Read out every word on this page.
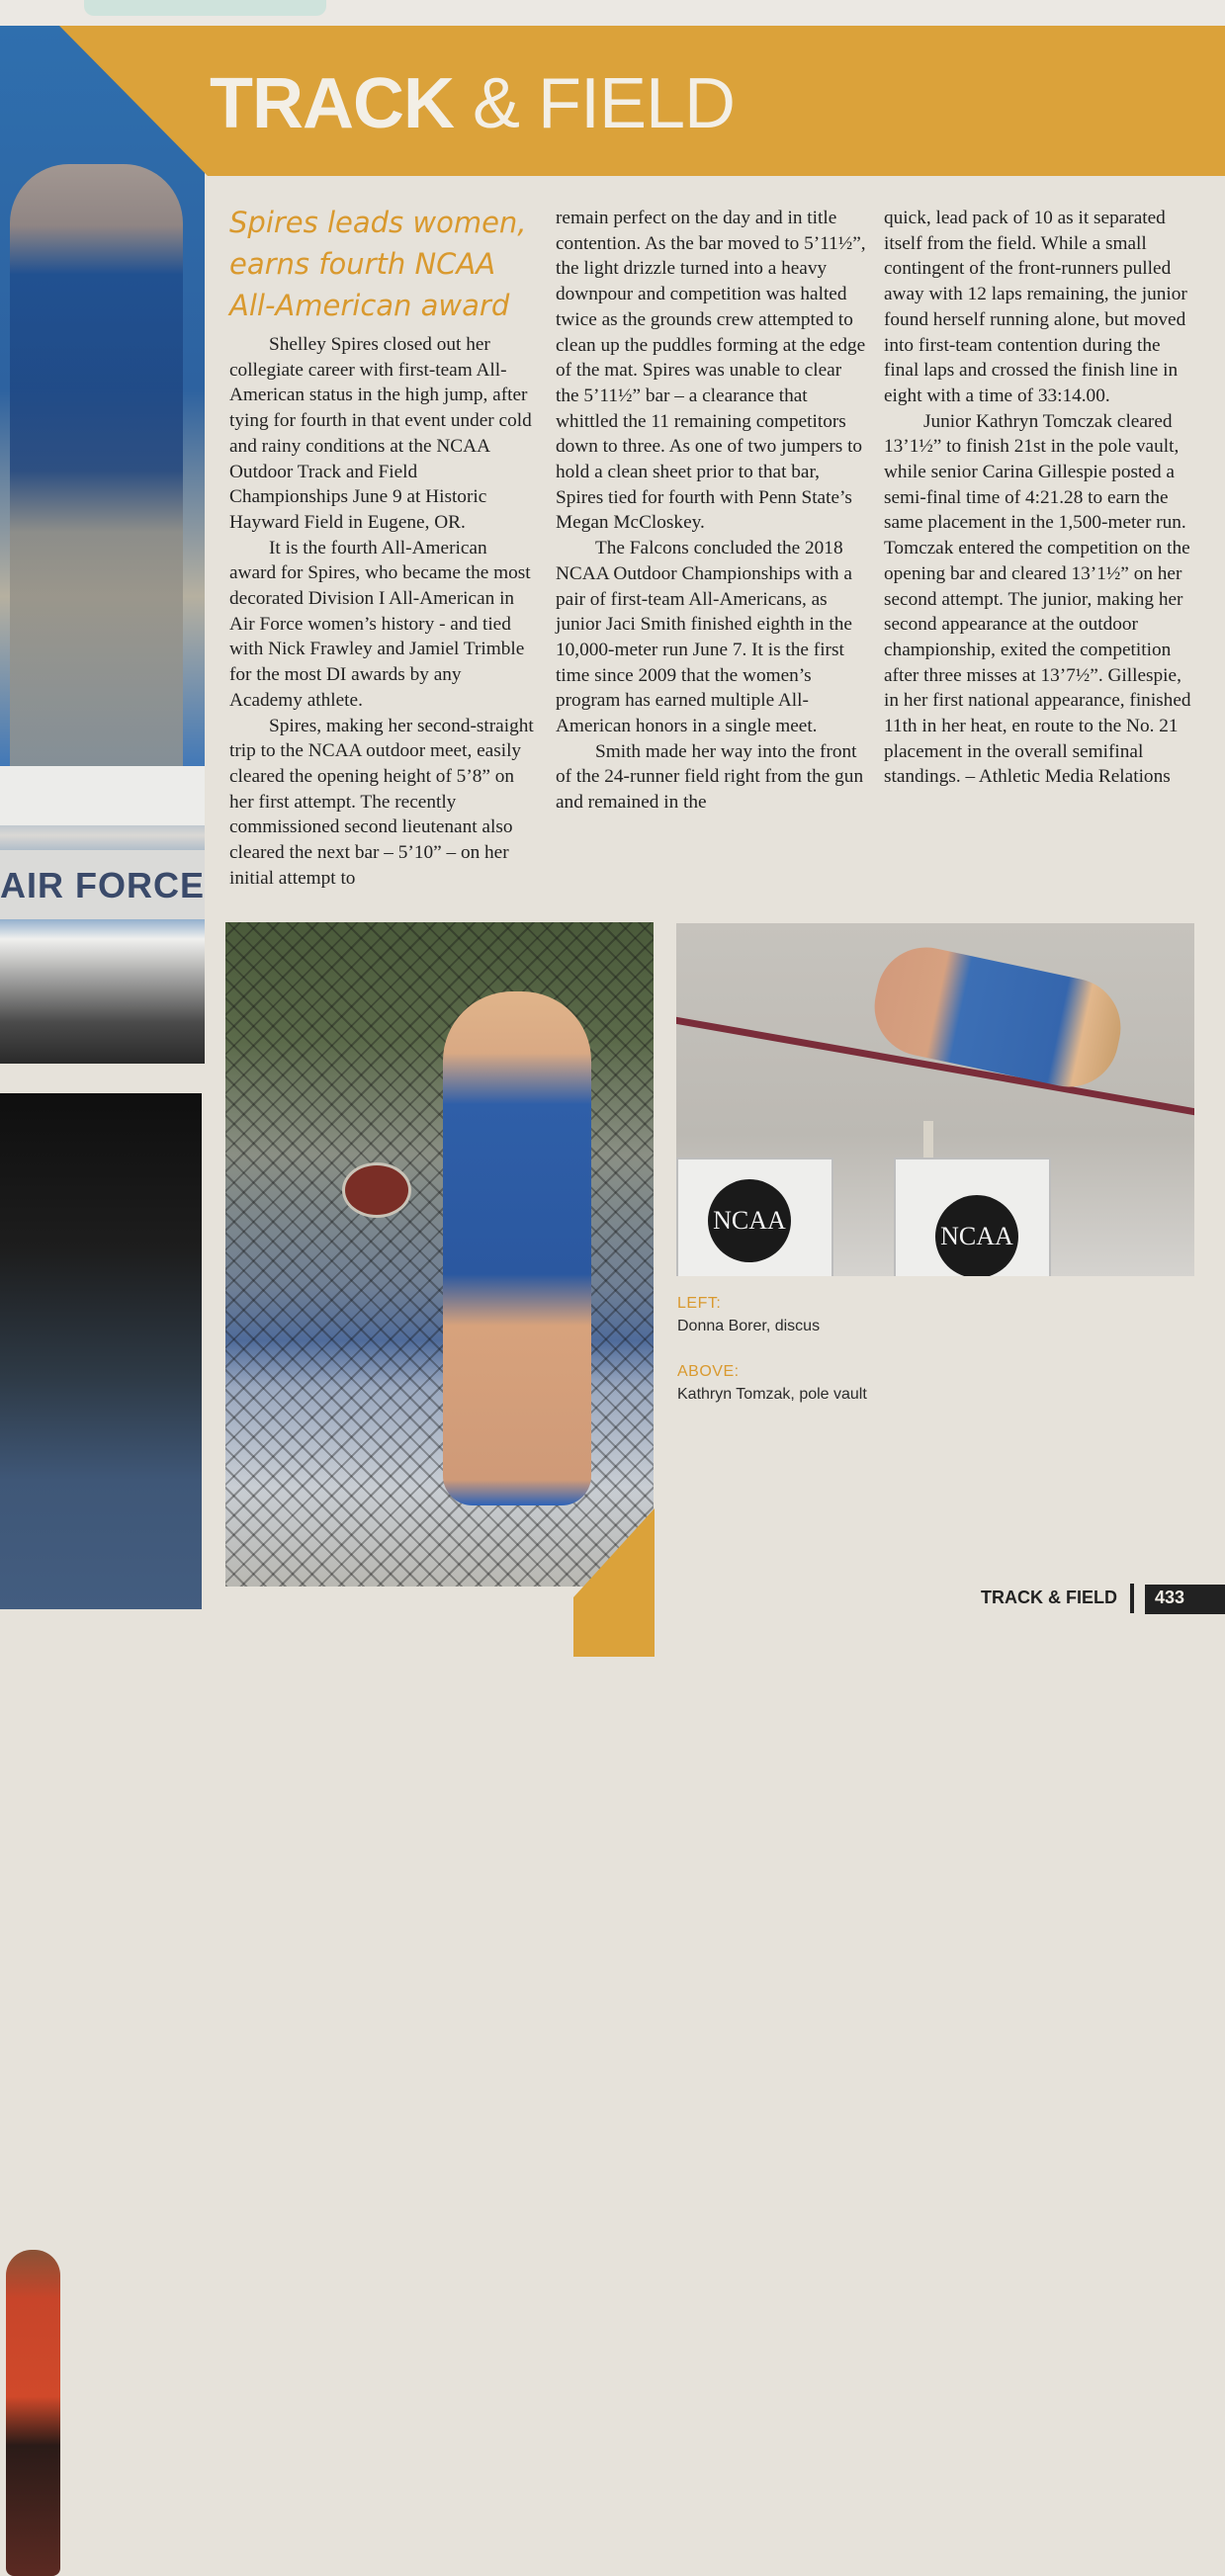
AIR FORCE
TRACK & FIELD
Spires leads women, earns fourth NCAA All-American award

Shelley Spires closed out her collegiate career with first-team All-American status in the high jump, after tying for fourth in that event under cold and rainy conditions at the NCAA Outdoor Track and Field Championships June 9 at Historic Hayward Field in Eugene, OR.

It is the fourth All-American award for Spires, who became the most decorated Division I All-American in Air Force women’s history - and tied with Nick Frawley and Jamiel Trimble for the most DI awards by any Academy athlete.

Spires, making her second-straight trip to the NCAA outdoor meet, easily cleared the opening height of 5’8” on her first attempt. The recently commissioned second lieutenant also cleared the next bar – 5’10” – on her initial attempt to

remain perfect on the day and in title contention. As the bar moved to 5’11½”, the light drizzle turned into a heavy downpour and competition was halted twice as the grounds crew attempted to clean up the puddles forming at the edge of the mat. Spires was unable to clear the 5’11½” bar – a clearance that whittled the 11 remaining competitors down to three. As one of two jumpers to hold a clean sheet prior to that bar, Spires tied for fourth with Penn State’s Megan McCloskey.

The Falcons concluded the 2018 NCAA Outdoor Championships with a pair of first-team All-Americans, as junior Jaci Smith finished eighth in the 10,000-meter run June 7. It is the first time since 2009 that the women’s program has earned multiple All-American honors in a single meet.

Smith made her way into the front of the 24-runner field right from the gun and remained in the

quick, lead pack of 10 as it separated itself from the field. While a small contingent of the front-runners pulled away with 12 laps remaining, the junior found herself running alone, but moved into first-team contention during the final laps and crossed the finish line in eight with a time of 33:14.00.

Junior Kathryn Tomczak cleared 13’1½” to finish 21st in the pole vault, while senior Carina Gillespie posted a semi-final time of 4:21.28 to earn the same placement in the 1,500-meter run. Tomczak entered the competition on the opening bar and cleared 13’1½” on her second attempt. The junior, making her second appearance at the outdoor championship, exited the competition after three misses at 13’7½”. Gillespie, in her first national appearance, finished 11th in her heat, en route to the No. 21 placement in the overall semifinal standings. – Athletic Media Relations

NCAA
NCAA
LEFT:
Donna Borer, discus
ABOVE:
Kathryn Tomzak, pole vault
TRACK & FIELD 433
